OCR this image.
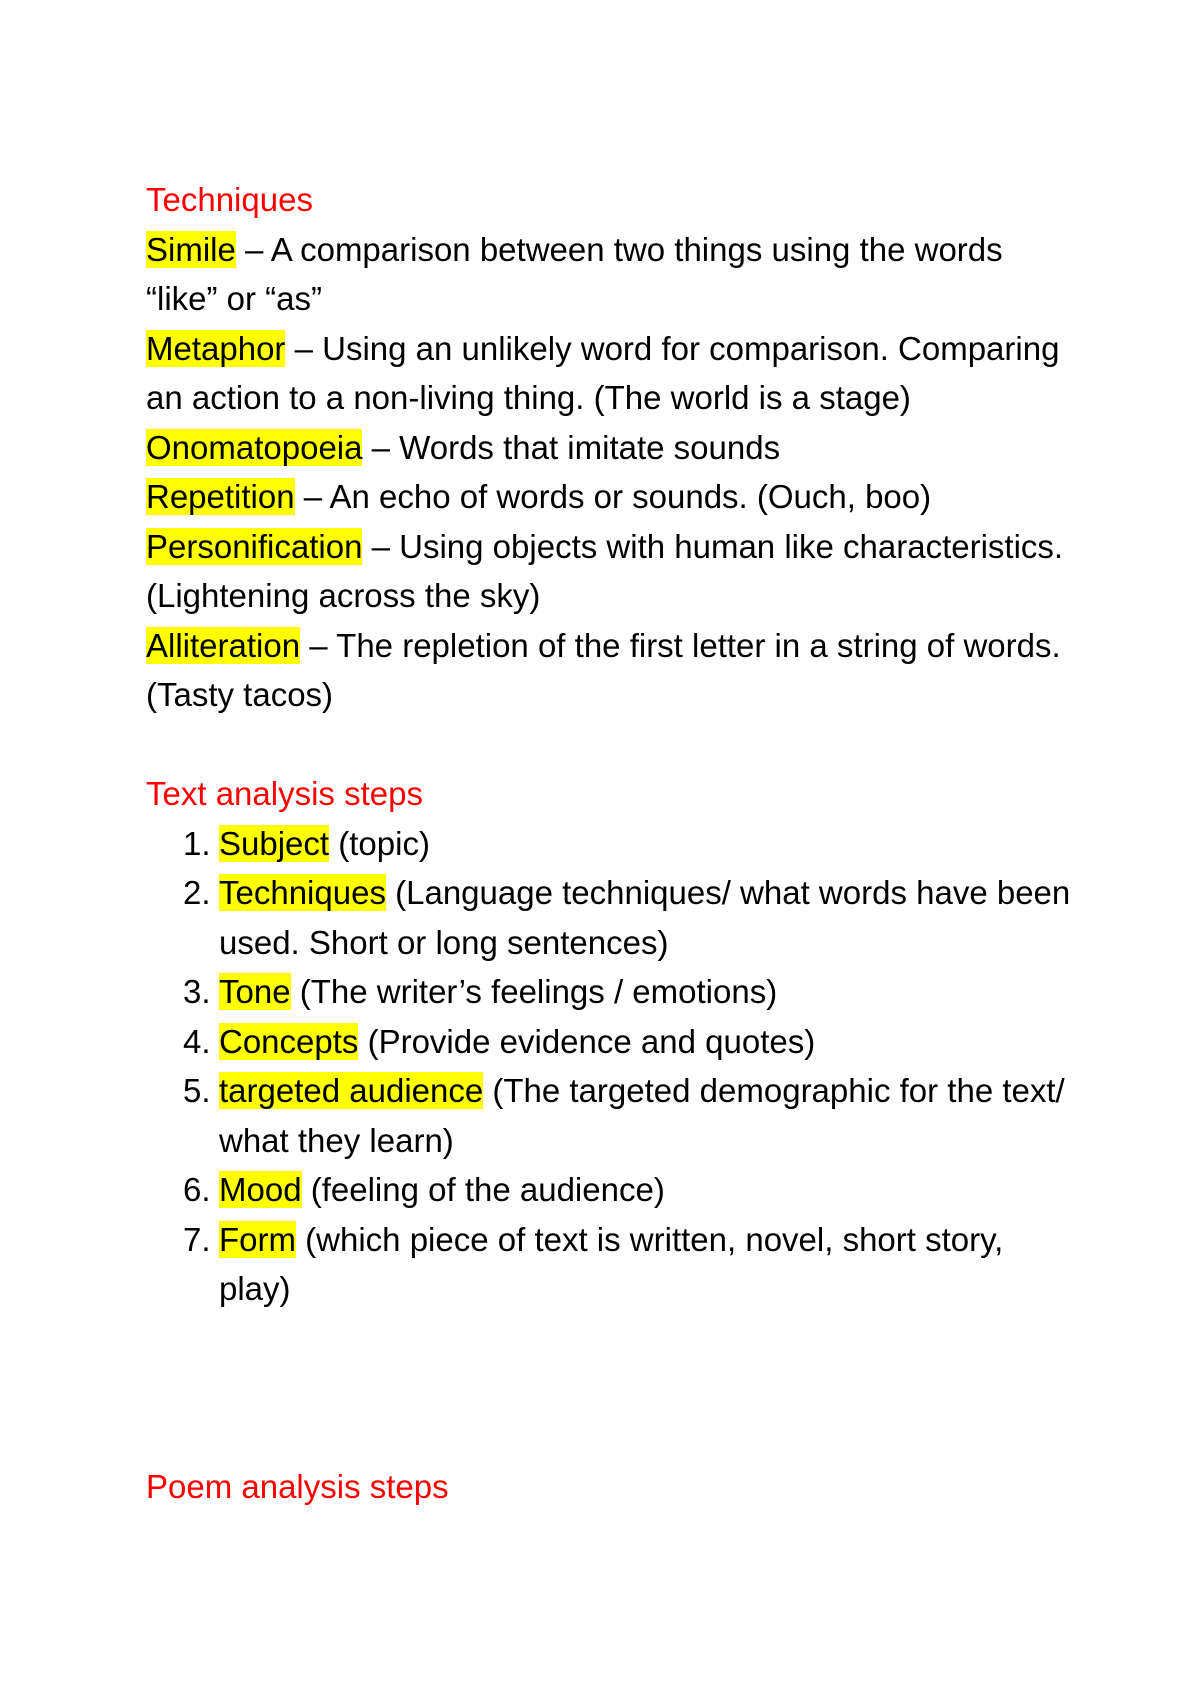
Techniques

Simile – A comparison between two things using the words “like” or “as”

Metaphor – Using an unlikely word for comparison. Comparing an action to a non-living thing. (The world is a stage)

Onomatopoeia – Words that imitate sounds

Repetition – An echo of words or sounds. (Ouch, boo)

Personification – Using objects with human like characteristics. (Lightening across the sky)

Alliteration – The repletion of the first letter in a string of words. (Tasty tacos)

Text analysis steps
1. Subject (topic)
2. Techniques (Language techniques/ what words have been used. Short or long sentences)
3. Tone (The writer’s feelings / emotions)
4. Concepts (Provide evidence and quotes)
5. targeted audience (The targeted demographic for the text/ what they learn)
6. Mood (feeling of the audience)
7. Form (which piece of text is written, novel, short story, play)
Poem analysis steps
